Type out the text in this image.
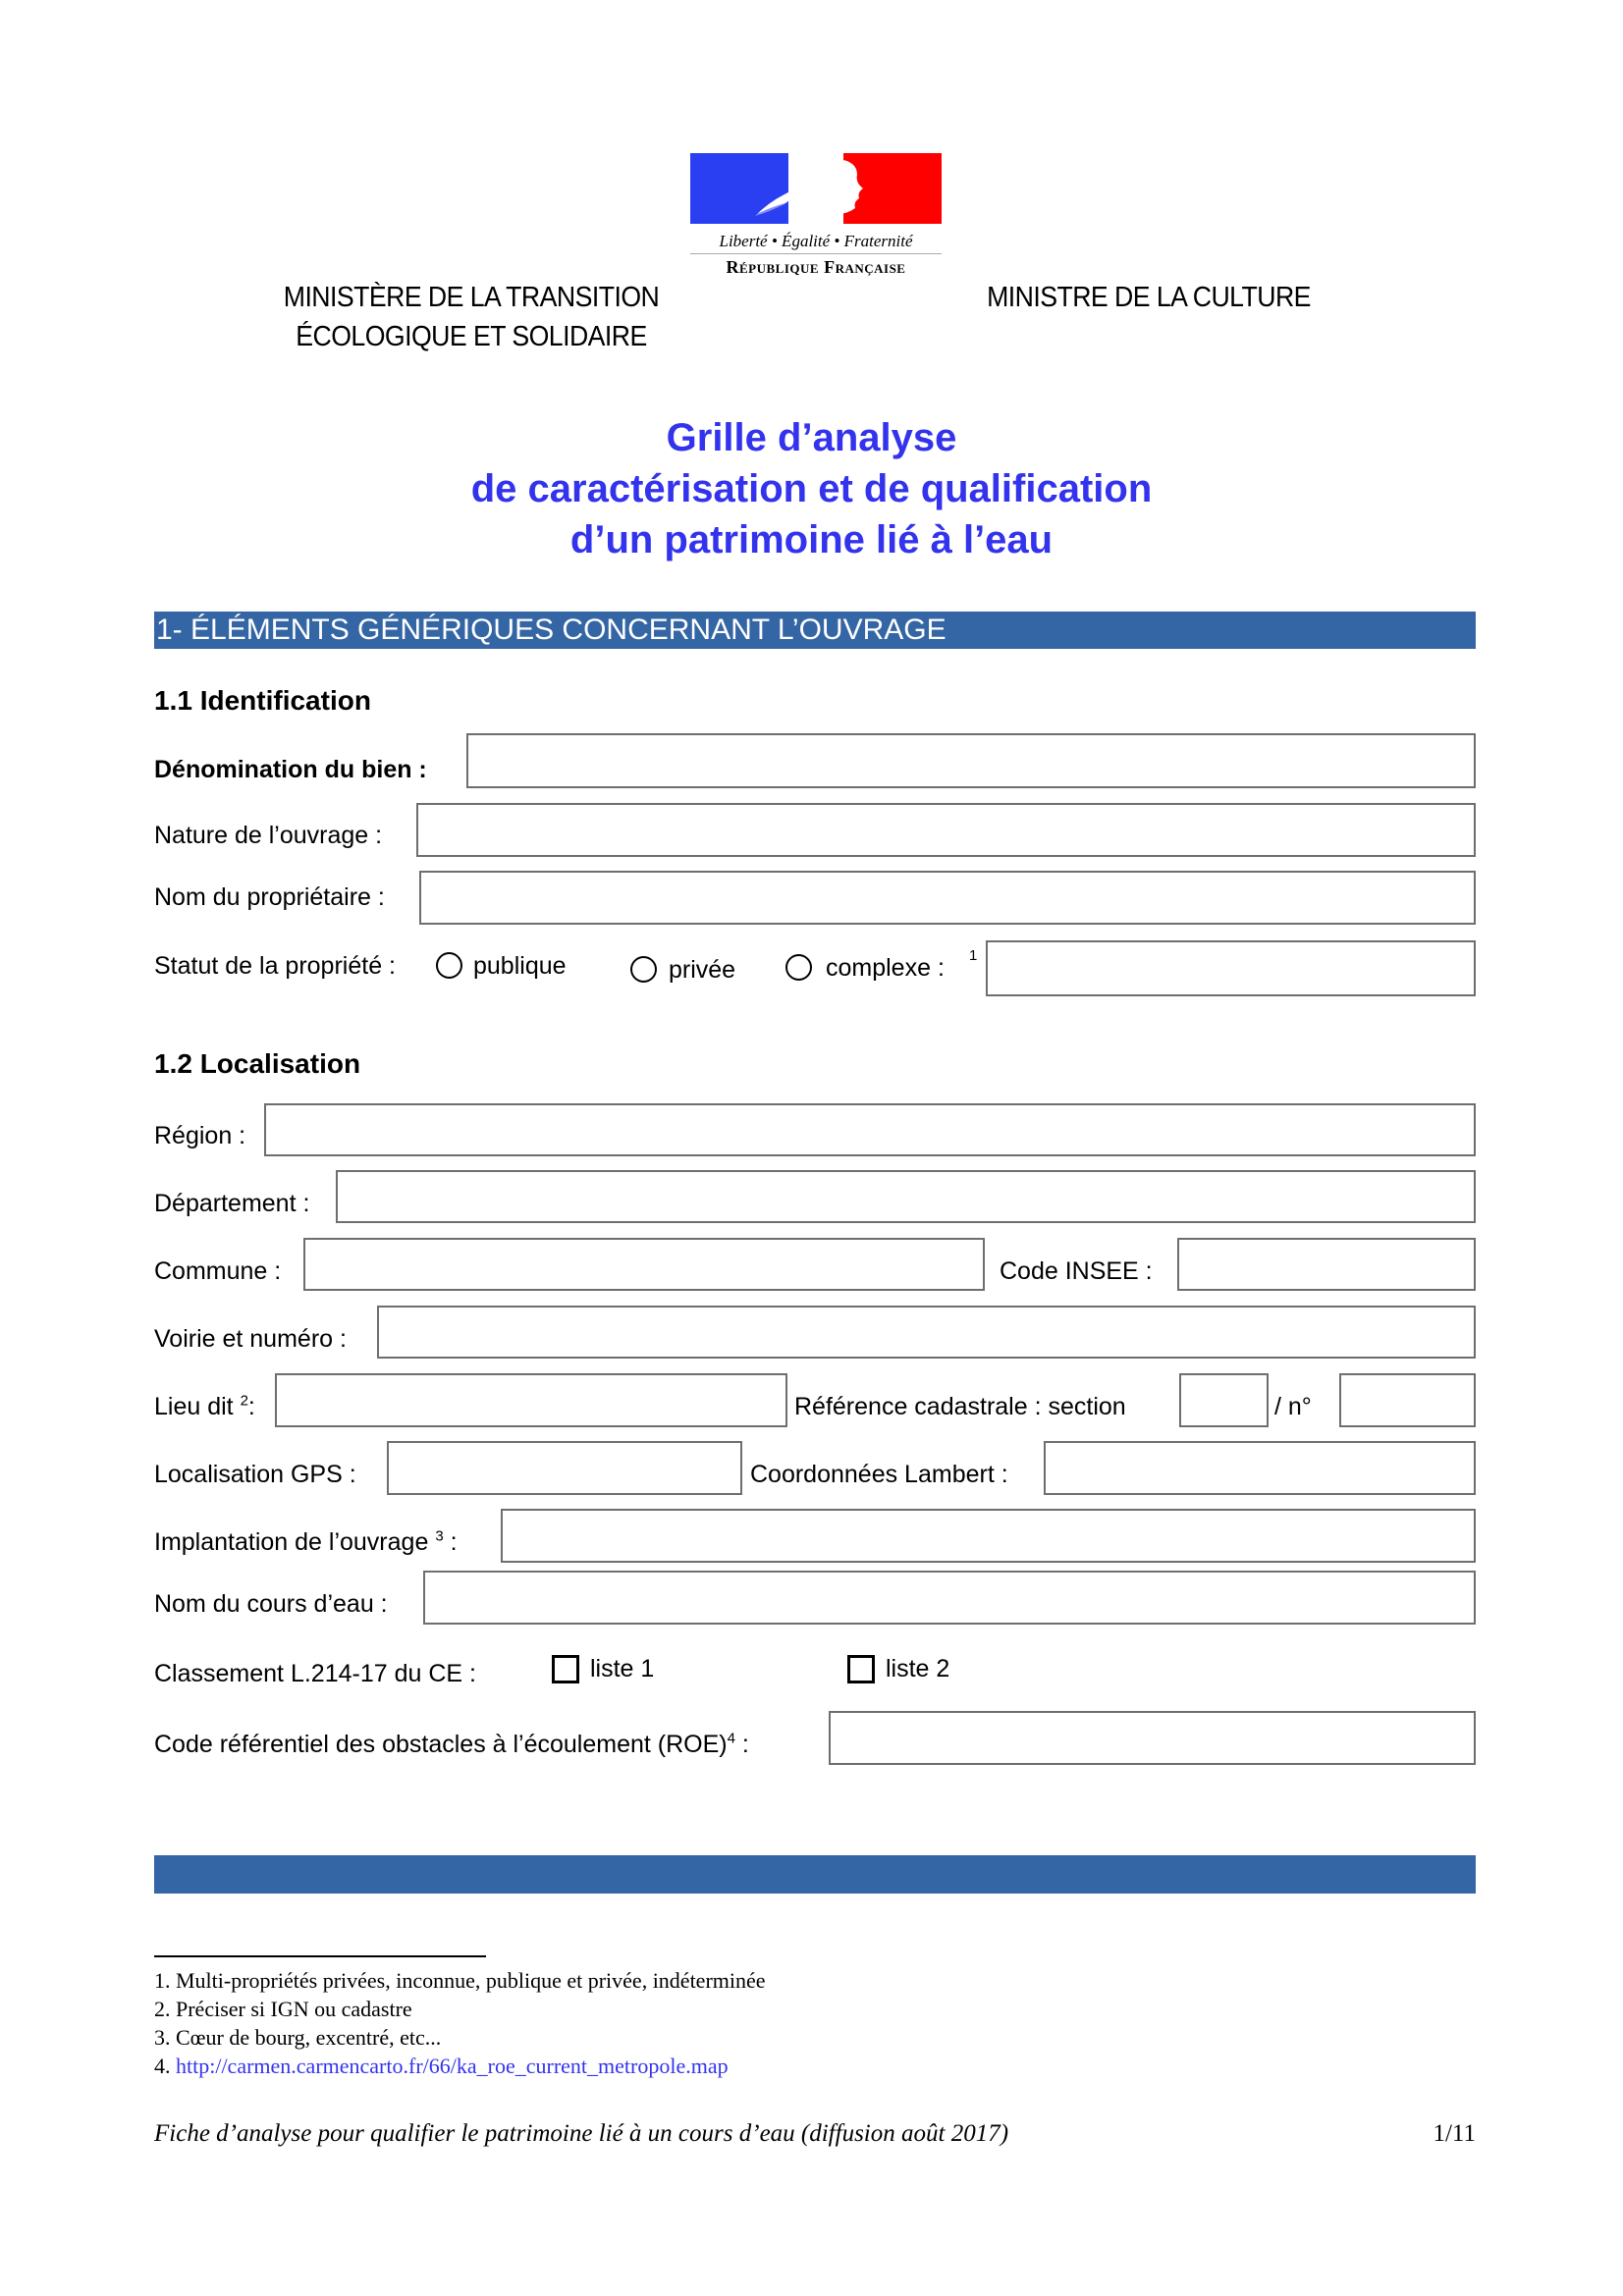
Liberté • Égalité • Fraternité
République Française
MINISTÈRE DE LA TRANSITION
ÉCOLOGIQUE ET SOLIDAIRE
MINISTRE DE LA CULTURE
Grille d’analyse
de caractérisation et de qualification
d’un patrimoine lié à l’eau
1- ÉLÉMENTS GÉNÉRIQUES CONCERNANT L’OUVRAGE
1.1 Identification
Dénomination du bien :
Nature de l’ouvrage :
Nom du propriétaire :
Statut de la propriété :	publique	privée	complexe : 1
1.2 Localisation
Région :
Département :
Commune :	Code INSEE :
Voirie et numéro :
Lieu dit $^2$:	Référence cadastrale : section	/ n°
Localisation GPS :	Coordonnées Lambert :
Implantation de l’ouvrage $^3$ :
Nom du cours d’eau :
Classement L.214-17 du CE :	liste 1	liste 2
Code référentiel des obstacles à l’écoulement (ROE)$^4$ :
1. Multi-propriétés privées, inconnue, publique et privée, indéterminée
2. Préciser si IGN ou cadastre
3. Cœur de bourg, excentré, etc...
4. http://carmen.carmencarto.fr/66/ka_roe_current_metropole.map
Fiche d’analyse pour qualifier le patrimoine lié à un cours d’eau (diffusion août 2017)	1/11
